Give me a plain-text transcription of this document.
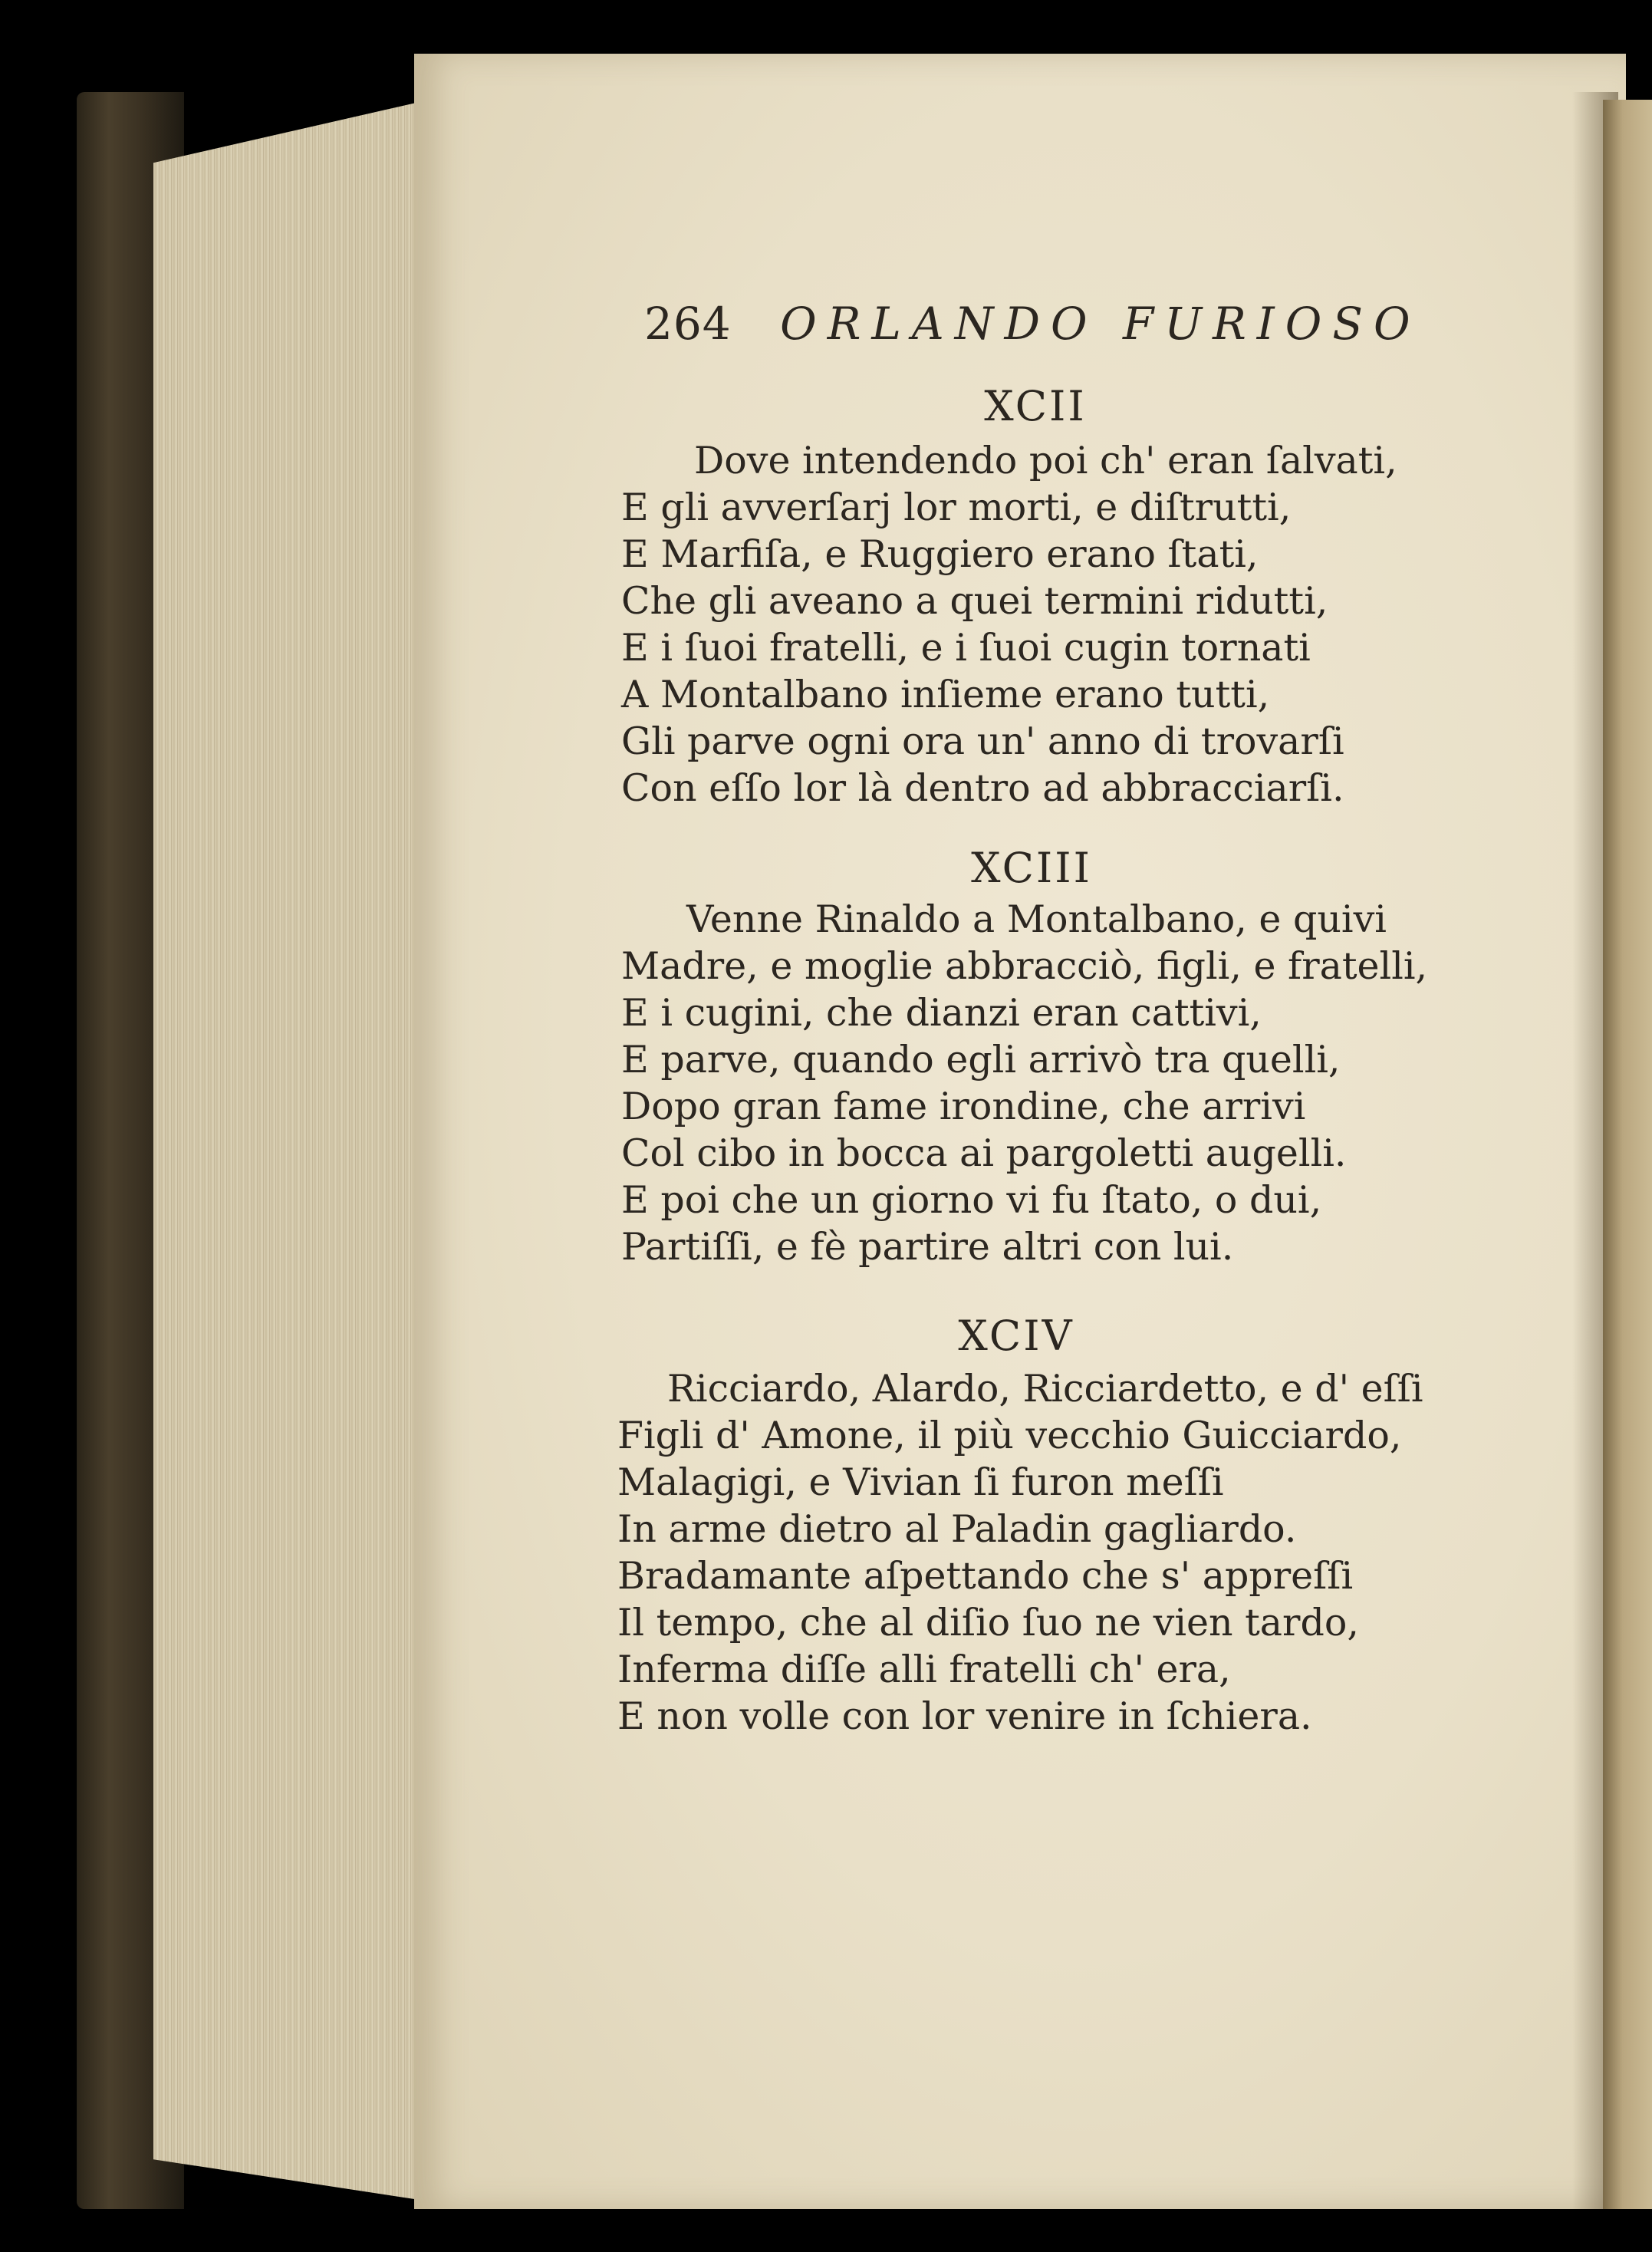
264 ORLANDO FURIOSO
XCII
Dove intendendo poi ch' eran ſalvati,
E gli avverſarj lor morti, e diſtrutti,
E Marfiſa, e Ruggiero erano ſtati,
Che gli aveano a quei termini ridutti,
E i ſuoi fratelli, e i ſuoi cugin tornati
A Montalbano inſieme erano tutti,
Gli parve ogni ora un' anno di trovarſi
Con eſſo lor là dentro ad abbracciarſi.
XCIII
Venne Rinaldo a Montalbano, e quivi
Madre, e moglie abbracciò, figli, e fratelli,
E i cugini, che dianzi eran cattivi,
E parve, quando egli arrivò tra quelli,
Dopo gran fame irondine, che arrivi
Col cibo in bocca ai pargoletti augelli.
E poi che un giorno vi fu ſtato, o dui,
Partiſſi, e fè partire altri con lui.
XCIV
Ricciardo, Alardo, Ricciardetto, e d' eſſi
Figli d' Amone, il più vecchio Guicciardo,
Malagigi, e Vivian ſi furon meſſi
In arme dietro al Paladin gagliardo.
Bradamante aſpettando che s' appreſſi
Il tempo, che al diſio ſuo ne vien tardo,
Inferma diſſe alli fratelli ch' era,
E non volle con lor venire in ſchiera.
